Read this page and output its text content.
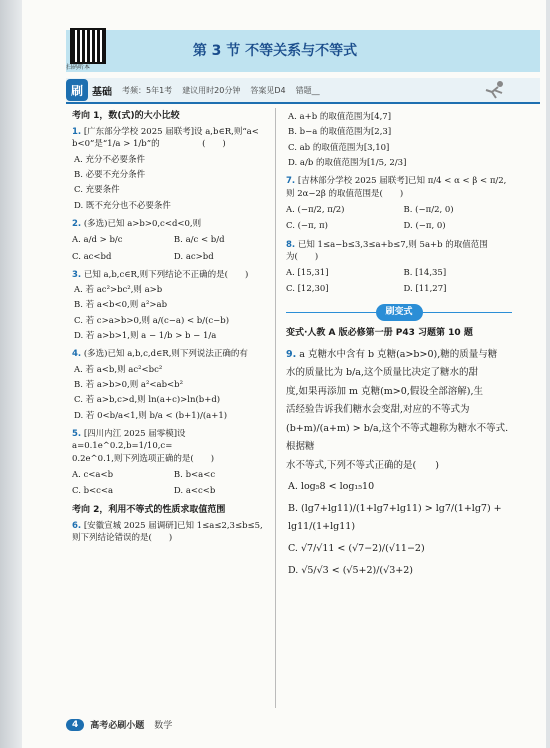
扫码听本
第 3 节 不等关系与不等式
刷 基础 考频：5年1考 建议用时20分钟 答案见D4 错题__
考向 1，数(式)的大小比较
1. [广东部分学校 2025 届联考]设 a,b∈R,则“a<
b<0”是“1/a > 1/b”的　　　　　(　　)
A. 充分不必要条件
B. 必要不充分条件
C. 充要条件
D. 既不充分也不必要条件
2. (多选)已知 a>b>0,c<d<0,则
A. a/d > b/c	B. a/c < b/d
C. ac<bd	D. ac>bd
3. 已知 a,b,c∈R,则下列结论不正确的是(　　)
A. 若 ac²>bc²,则 a>b
B. 若 a<b<0,则 a²>ab
C. 若 c>a>b>0,则 a/(c−a) < b/(c−b)
D. 若 a>b>1,则 a − 1/b > b − 1/a
4. (多选)已知 a,b,c,d∈R,则下列说法正确的有
A. 若 a<b,则 ac²<bc²
B. 若 a>b>0,则 a²<ab<b²
C. 若 a>b,c>d,则 ln(a+c)>ln(b+d)
D. 若 0<b/a<1,则 b/a < (b+1)/(a+1)
5. [四川内江 2025 届零模]设 a=0.1e^0.2,b=1/10,c=
0.2e^0.1,则下列选项正确的是(　　)
A. c<a<b	B. b<a<c
C. b<c<a	D. a<c<b
考向 2，利用不等式的性质求取值范围
6. [安徽宣城 2025 届调研]已知 1≤a≤2,3≤b≤5,
则下列结论错误的是(　　)
A. a+b 的取值范围为[4,7]
B. b−a 的取值范围为[2,3]
C. ab 的取值范围为[3,10]
D. a/b 的取值范围为[1/5, 2/3]
7. [吉林部分学校 2025 届联考]已知 π/4 < α < β < π/2,
则 2α−2β 的取值范围是(　　)
A. (−π/2, π/2)	B. (−π/2, 0)
C. (−π, π)	D. (−π, 0)
8. 已知 1≤a−b≤3,3≤a+b≤7,则 5a+b 的取值范围
为(　　)
A. [15,31]	B. [14,35]
C. [12,30]	D. [11,27]
刷变式
变式·人教 A 版必修第一册 P43 习题第 10 题
9. a 克糖水中含有 b 克糖(a>b>0),糖的质量与糖
水的质量比为 b/a,这个质量比决定了糖水的甜
度,如果再添加 m 克糖(m>0,假设全部溶解),生
活经验告诉我们糖水会变甜,对应的不等式为
(b+m)/(a+m) > b/a,这个不等式趣称为糖水不等式.根据糖
水不等式,下列不等式正确的是(　　)
A. log₅8 < log₁₅10
B. (lg7+lg11)/(1+lg7+lg11) > lg7/(1+lg7) + lg11/(1+lg11)
C. √7/√11 < (√7−2)/(√11−2)
D. √5/√3 < (√5+2)/(√3+2)
4	高考必刷小题 数学
